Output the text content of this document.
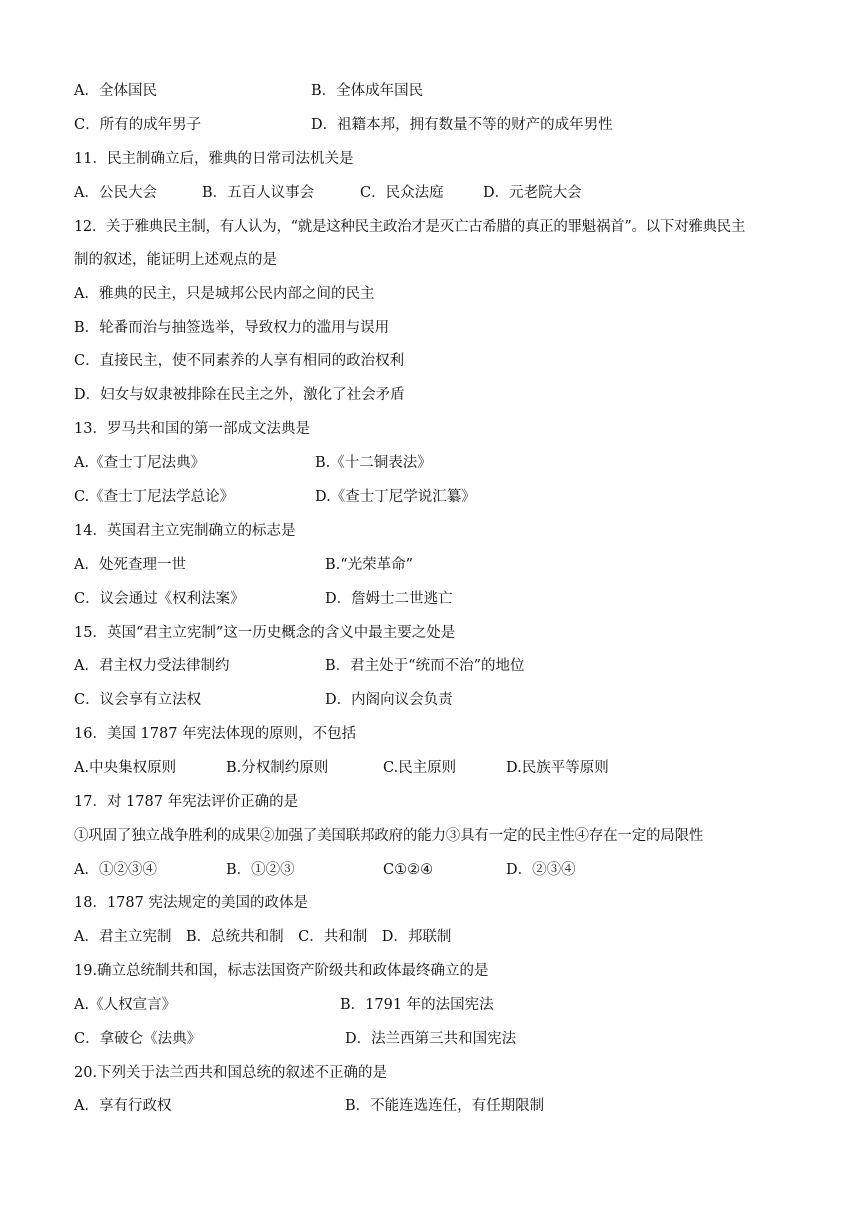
A．全体国民	B．全体成年国民
C．所有的成年男子	D．祖籍本邦，拥有数量不等的财产的成年男性
11．民主制确立后，雅典的日常司法机关是
A．公民大会	B．五百人议事会	C．民众法庭	D．元老院大会
12．关于雅典民主制，有人认为，“就是这种民主政治才是灭亡古希腊的真正的罪魁祸首”。以下对雅典民主
制的叙述，能证明上述观点的是
A．雅典的民主，只是城邦公民内部之间的民主
B．轮番而治与抽签选举，导致权力的滥用与误用
C．直接民主，使不同素养的人享有相同的政治权利
D．妇女与奴隶被排除在民主之外，激化了社会矛盾
13．罗马共和国的第一部成文法典是
A.《查士丁尼法典》	B.《十二铜表法》
C.《查士丁尼法学总论》	D.《查士丁尼学说汇纂》
14．英国君主立宪制确立的标志是
A．处死查理一世	B.“光荣革命”
C．议会通过《权利法案》	D．詹姆士二世逃亡
15．英国“君主立宪制”这一历史概念的含义中最主要之处是
A．君主权力受法律制约	B．君主处于“统而不治”的地位
C．议会享有立法权	D．内阁向议会负责
16．美国 1787 年宪法体现的原则，不包括
A.中央集权原则	B.分权制约原则	C.民主原则	D.民族平等原则
17．对 1787 年宪法评价正确的是
①巩固了独立战争胜利的成果②加强了美国联邦政府的能力③具有一定的民主性④存在一定的局限性
A．①②③④	B．①②③	C①②④	D．②③④
18．1787 宪法规定的美国的政体是
A．君主立宪制　B．总统共和制　C．共和制　D．邦联制
19.确立总统制共和国，标志法国资产阶级共和政体最终确立的是
A.《人权宣言》	B．1791 年的法国宪法
C．拿破仑《法典》	D．法兰西第三共和国宪法
20.下列关于法兰西共和国总统的叙述不正确的是
A．享有行政权	B．不能连选连任，有任期限制
